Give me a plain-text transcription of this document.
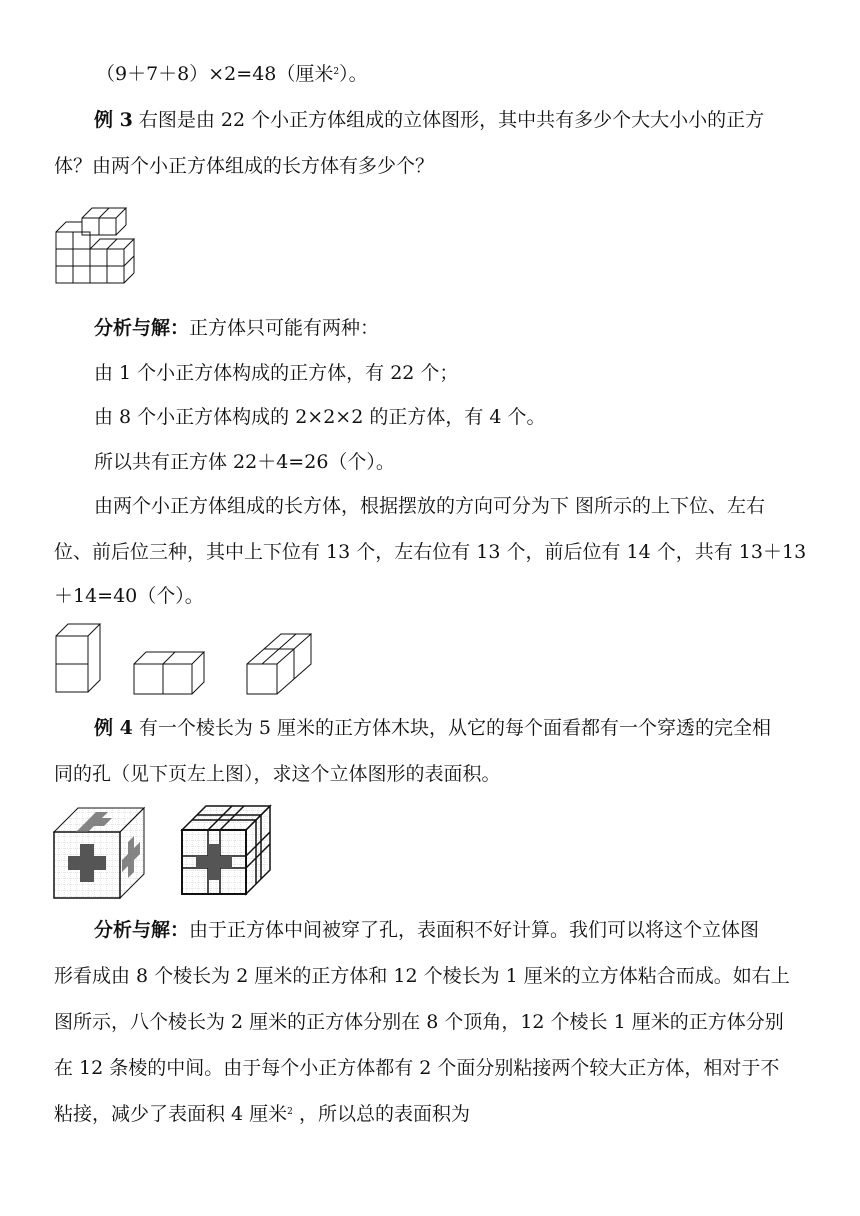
（9＋7＋8）×2=48（厘米$^2$）。
例 3 右图是由 22 个小正方体组成的立体图形，其中共有多少个大大小小的正方
体？由两个小正方体组成的长方体有多少个？
分析与解：正方体只可能有两种：
由 1 个小正方体构成的正方体，有 22 个；
由 8 个小正方体构成的 2×2×2 的正方体，有 4 个。
所以共有正方体 22＋4=26（个）。
由两个小正方体组成的长方体，根据摆放的方向可分为下 图所示的上下位、左右
位、前后位三种，其中上下位有 13 个，左右位有 13 个，前后位有 14 个，共有 13＋13
＋14=40（个）。
例 4 有一个棱长为 5 厘米的正方体木块，从它的每个面看都有一个穿透的完全相
同的孔（见下页左上图），求这个立体图形的表面积。
分析与解：由于正方体中间被穿了孔，表面积不好计算。我们可以将这个立体图
形看成由 8 个棱长为 2 厘米的正方体和 12 个棱长为 1 厘米的立方体粘合而成。如右上
图所示，八个棱长为 2 厘米的正方体分别在 8 个顶角，12 个棱长 1 厘米的正方体分别
在 12 条棱的中间。由于每个小正方体都有 2 个面分别粘接两个较大正方体，相对于不
粘接，减少了表面积 4 厘米$^2$ ，所以总的表面积为
